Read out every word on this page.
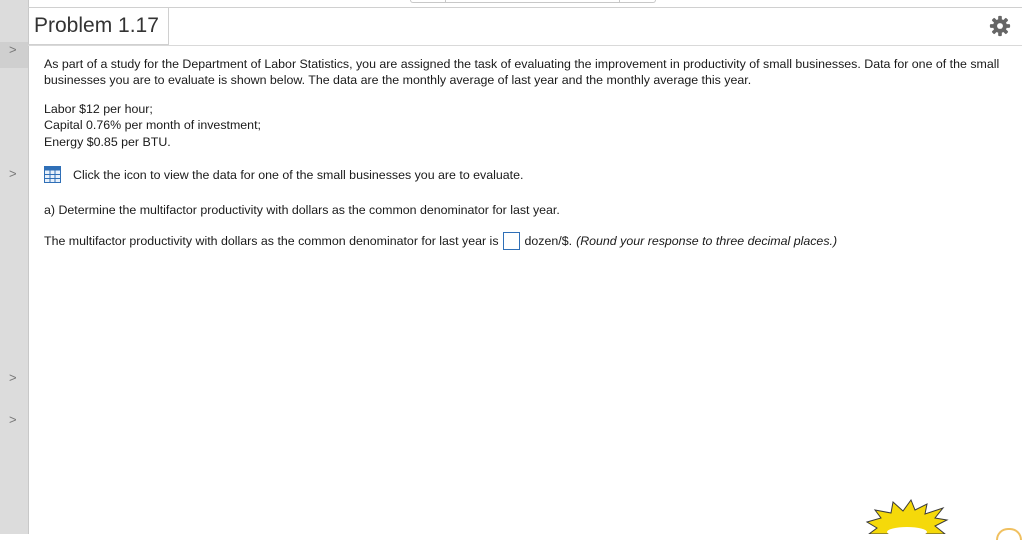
>
>
>
>
Problem 1.17

As part of a study for the Department of Labor Statistics, you are assigned the task of evaluating the improvement in productivity of small businesses. Data for one of the small businesses you are to evaluate is shown below. The data are the monthly average of last year and the monthly average this year.

Labor $12 per hour;
Capital 0.76% per month of investment;
Energy $0.85 per BTU.
Click the icon to view the data for one of the small businesses you are to evaluate.
a) Determine the multifactor productivity with dollars as the common denominator for last year.
The multifactor productivity with dollars as the common denominator for last year is dozen/$. (Round your response to three decimal places.)
